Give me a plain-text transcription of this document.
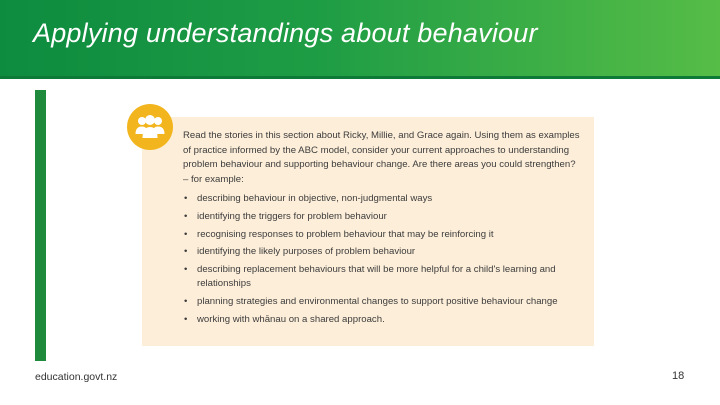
Applying understandings about behaviour

Read the stories in this section about Ricky, Millie, and Grace again. Using them as examples of practice informed by the ABC model, consider your current approaches to understanding problem behaviour and supporting behaviour change. Are there areas you could strengthen? – for example:

• describing behaviour in objective, non-judgmental ways
• identifying the triggers for problem behaviour
• recognising responses to problem behaviour that may be reinforcing it
• identifying the likely purposes of problem behaviour
• describing replacement behaviours that will be more helpful for a child's learning and relationships
• planning strategies and environmental changes to support positive behaviour change
• working with whānau on a shared approach.
education.govt.nz	18
